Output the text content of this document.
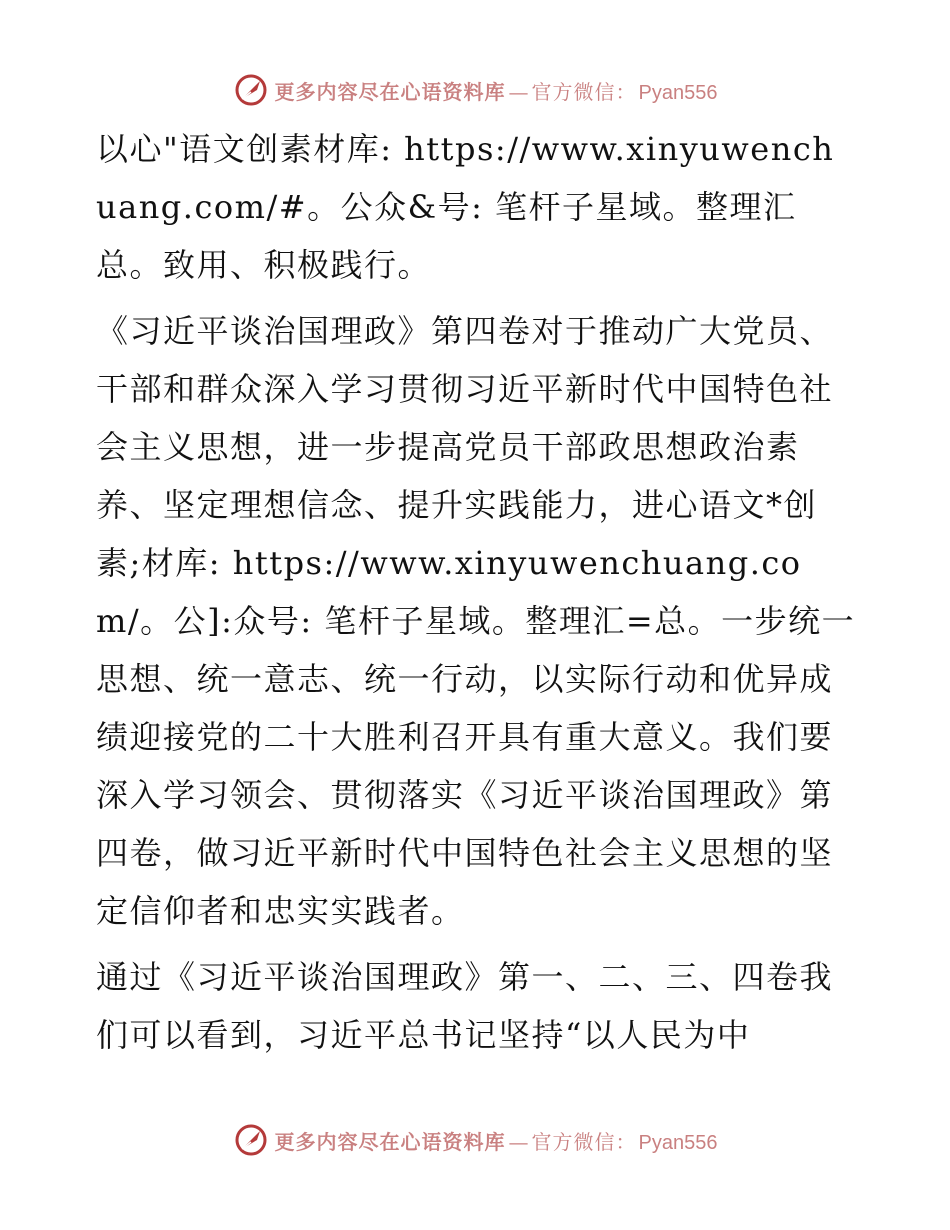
更多内容尽在心语资料库 — 官方微信： Pyan556

以心"语文创素材库: https://www.xinyuwenchuang.com/#。公众&号: 笔杆子星域。整理汇总。致用、积极践行。

《习近平谈治国理政》第四卷对于推动广大党员、干部和群众深入学习贯彻习近平新时代中国特色社会主义思想，进一步提高党员干部政思想政治素养、坚定理想信念、提升实践能力，进心语文*创素;材库: https://www.xinyuwenchuang.com/。公]:众号: 笔杆子星域。整理汇=总。一步统一思想、统一意志、统一行动，以实际行动和优异成绩迎接党的二十大胜利召开具有重大意义。我们要深入学习领会、贯彻落实《习近平谈治国理政》第四卷，做习近平新时代中国特色社会主义思想的坚定信仰者和忠实实践者。

通过《习近平谈治国理政》第一、二、三、四卷我们可以看到，习近平总书记坚持“以人民为中

更多内容尽在心语资料库 — 官方微信： Pyan556
